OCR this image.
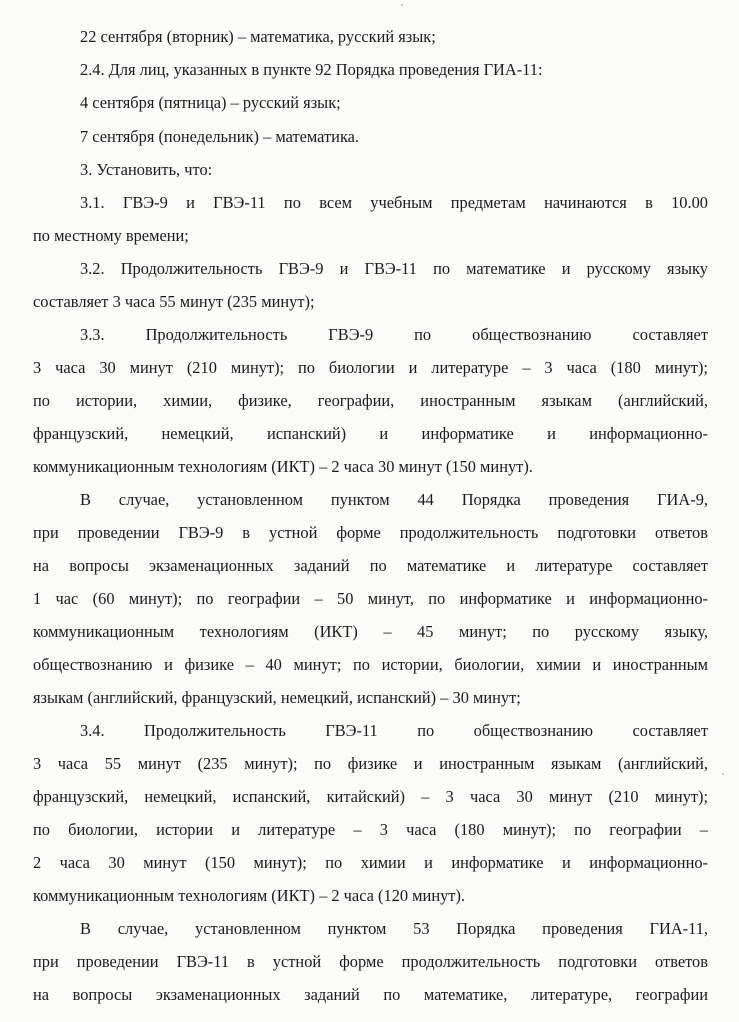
22 сентября (вторник) – математика, русский язык;

2.4. Для лиц, указанных в пункте 92 Порядка проведения ГИА-11:

4 сентября (пятница) – русский язык;

7 сентября (понедельник) – математика.

3. Установить, что:

3.1. ГВЭ-9 и ГВЭ-11 по всем учебным предметам начинаются в 10.00

по местному времени;

3.2. Продолжительность ГВЭ-9 и ГВЭ-11 по математике и русскому языку

составляет 3 часа 55 минут (235 минут);

3.3. Продолжительность ГВЭ-9 по обществознанию составляет

3 часа 30 минут (210 минут); по биологии и литературе – 3 часа (180 минут);

по истории, химии, физике, географии, иностранным языкам (английский,

французский, немецкий, испанский) и информатике и информационно-

коммуникационным технологиям (ИКТ) – 2 часа 30 минут (150 минут).

В случае, установленном пунктом 44 Порядка проведения ГИА-9,

при проведении ГВЭ-9 в устной форме продолжительность подготовки ответов

на вопросы экзаменационных заданий по математике и литературе составляет

1 час (60 минут); по географии – 50 минут, по информатике и информационно-

коммуникационным технологиям (ИКТ) – 45 минут; по русскому языку,

обществознанию и физике – 40 минут; по истории, биологии, химии и иностранным

языкам (английский, французский, немецкий, испанский) – 30 минут;

3.4. Продолжительность ГВЭ-11 по обществознанию составляет

3 часа 55 минут (235 минут); по физике и иностранным языкам (английский,

французский, немецкий, испанский, китайский) – 3 часа 30 минут (210 минут);

по биологии, истории и литературе – 3 часа (180 минут); по географии –

2 часа 30 минут (150 минут); по химии и информатике и информационно-

коммуникационным технологиям (ИКТ) – 2 часа (120 минут).

В случае, установленном пунктом 53 Порядка проведения ГИА-11,

при проведении ГВЭ-11 в устной форме продолжительность подготовки ответов

на вопросы экзаменационных заданий по математике, литературе, географии
